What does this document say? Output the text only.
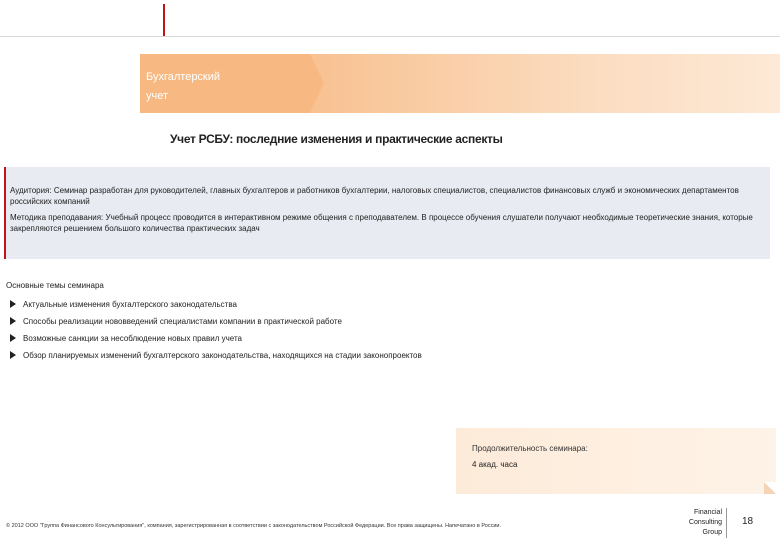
Бухгалтерский
учет
Учет РСБУ: последние изменения и практические аспекты

Аудитория: Семинар разработан для руководителей, главных бухгалтеров и работников бухгалтерии, налоговых специалистов, специалистов финансовых служб и экономических департаментов российских компаний

Методика преподавания: Учебный процесс проводится в интерактивном режиме общения с преподавателем. В процессе обучения слушатели получают необходимые теоретические знания, которые закрепляются решением большого количества практических задач

Основные темы семинара
Актуальные изменения бухгалтерского законодательства
Способы реализации нововведений специалистами компании в практической работе
Возможные санкции за несоблюдение новых правил учета
Обзор планируемых изменений бухгалтерского законодательства, находящихся на стадии законопроектов
Продолжительность семинара:
4 акад. часа
© 2012 ООО "Группа Финансового Консультирования", компания, зарегистрированная в соответствии с законодательством Российской Федерации. Все права защищены. Напечатано в России.
Financial
Consulting
Group
18
